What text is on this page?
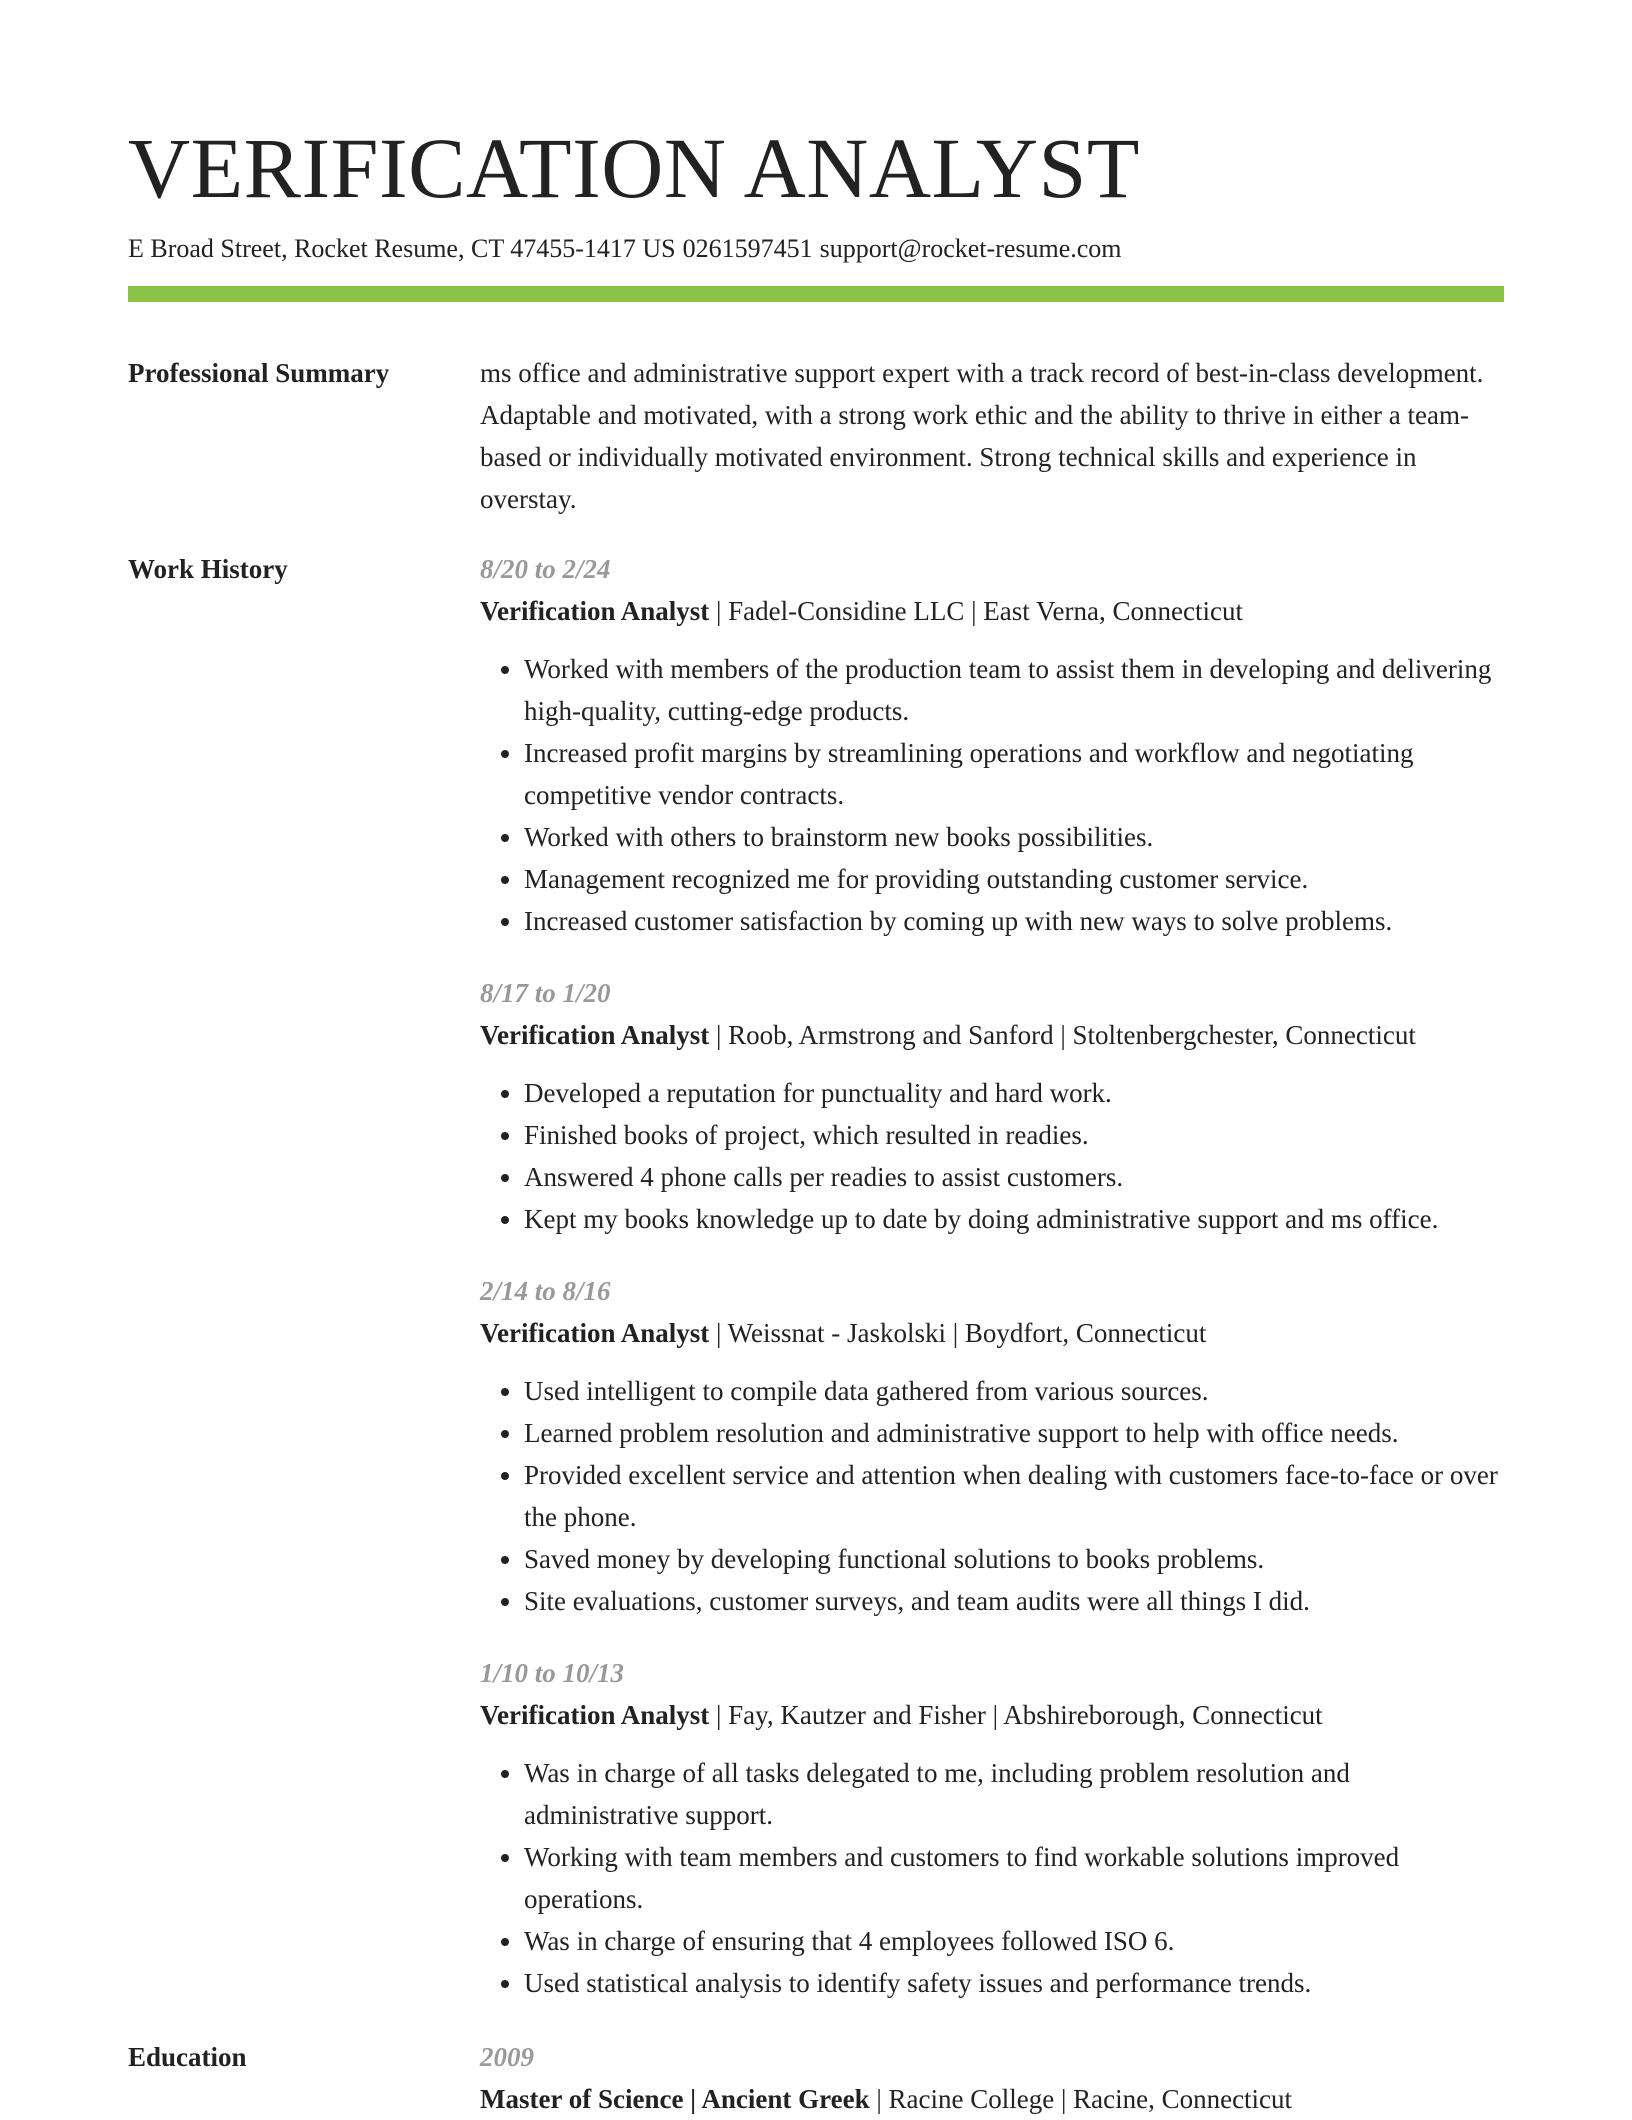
VERIFICATION ANALYST
E Broad Street, Rocket Resume, CT 47455-1417 US 0261597451 support@rocket-resume.com
Professional Summary	ms office and administrative support expert with a track record of best-in-class development. Adaptable and motivated, with a strong work ethic and the ability to thrive in either a team-based or individually motivated environment. Strong technical skills and experience in overstay.
Work History	8/20 to 2/24
Verification Analyst | Fadel-Considine LLC | East Verna, Connecticut
• Worked with members of the production team to assist them in developing and delivering high-quality, cutting-edge products.
• Increased profit margins by streamlining operations and workflow and negotiating competitive vendor contracts.
• Worked with others to brainstorm new books possibilities.
• Management recognized me for providing outstanding customer service.
• Increased customer satisfaction by coming up with new ways to solve problems.
8/17 to 1/20
Verification Analyst | Roob, Armstrong and Sanford | Stoltenbergchester, Connecticut
• Developed a reputation for punctuality and hard work.
• Finished books of project, which resulted in readies.
• Answered 4 phone calls per readies to assist customers.
• Kept my books knowledge up to date by doing administrative support and ms office.
2/14 to 8/16
Verification Analyst | Weissnat - Jaskolski | Boydfort, Connecticut
• Used intelligent to compile data gathered from various sources.
• Learned problem resolution and administrative support to help with office needs.
• Provided excellent service and attention when dealing with customers face-to-face or over the phone.
• Saved money by developing functional solutions to books problems.
• Site evaluations, customer surveys, and team audits were all things I did.
1/10 to 10/13
Verification Analyst | Fay, Kautzer and Fisher | Abshireborough, Connecticut
• Was in charge of all tasks delegated to me, including problem resolution and administrative support.
• Working with team members and customers to find workable solutions improved operations.
• Was in charge of ensuring that 4 employees followed ISO 6.
• Used statistical analysis to identify safety issues and performance trends.
Education	2009
Master of Science | Ancient Greek | Racine College | Racine, Connecticut
